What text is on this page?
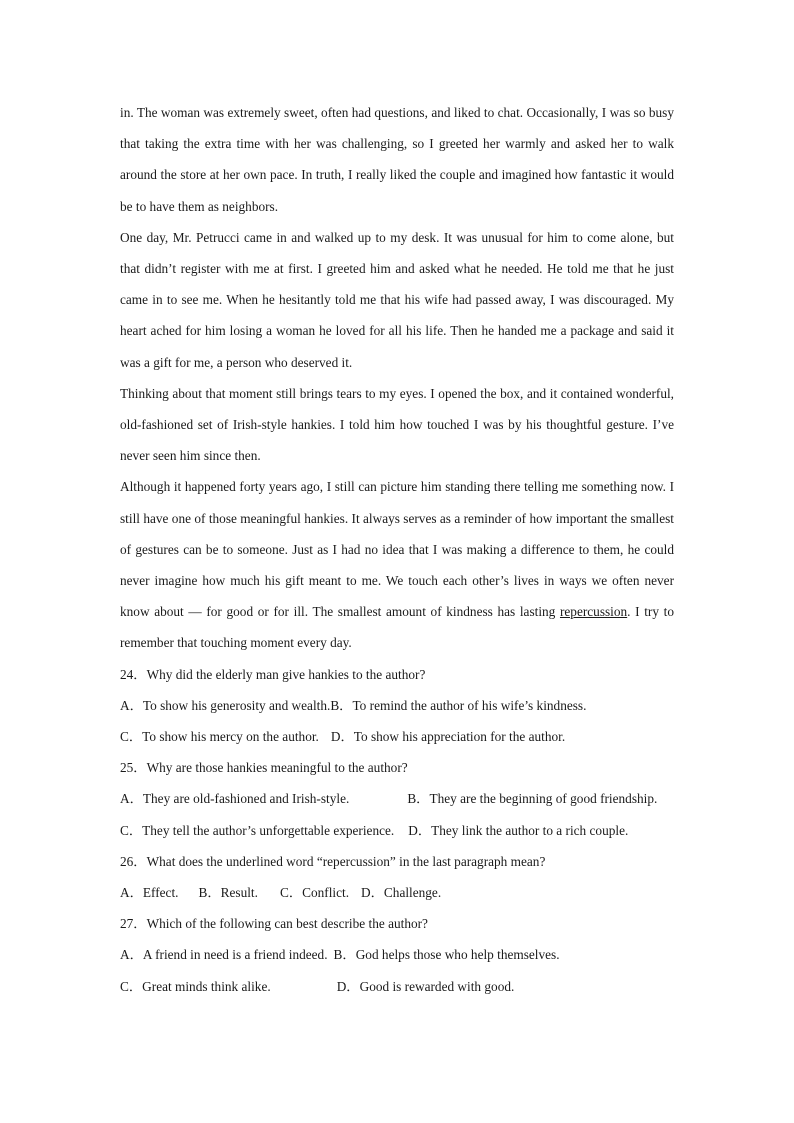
in. The woman was extremely sweet, often had questions, and liked to chat. Occasionally, I was so busy that taking the extra time with her was challenging, so I greeted her warmly and asked her to walk around the store at her own pace. In truth, I really liked the couple and imagined how fantastic it would be to have them as neighbors.

One day, Mr. Petrucci came in and walked up to my desk. It was unusual for him to come alone, but that didn’t register with me at first. I greeted him and asked what he needed. He told me that he just came in to see me. When he hesitantly told me that his wife had passed away, I was discouraged. My heart ached for him losing a woman he loved for all his life. Then he handed me a package and said it was a gift for me, a person who deserved it.

Thinking about that moment still brings tears to my eyes. I opened the box, and it contained wonderful, old-fashioned set of Irish-style hankies. I told him how touched I was by his thoughtful gesture. I’ve never seen him since then.

Although it happened forty years ago, I still can picture him standing there telling me something now. I still have one of those meaningful hankies. It always serves as a reminder of how important the smallest of gestures can be to someone. Just as I had no idea that I was making a difference to them, he could never imagine how much his gift meant to me. We touch each other’s lives in ways we often never know about — for good or for ill. The smallest amount of kindness has lasting repercussion. I try to remember that touching moment every day.

24．Why did the elderly man give hankies to the author?

A．To show his generosity and wealth.B．To remind the author of his wife’s kindness.

C．To show his mercy on the author. D．To show his appreciation for the author.

25．Why are those hankies meaningful to the author?

A．They are old-fashioned and Irish-style.	B．They are the beginning of good friendship.

C．They tell the author’s unforgettable experience. D．They link the author to a rich couple.

26．What does the underlined word “repercussion” in the last paragraph mean?

A．Effect. B．Result. C．Conflict. D．Challenge.

27．Which of the following can best describe the author?

A．A friend in need is a friend indeed. B．God helps those who help themselves.

C．Great minds think alike.	D．Good is rewarded with good.
